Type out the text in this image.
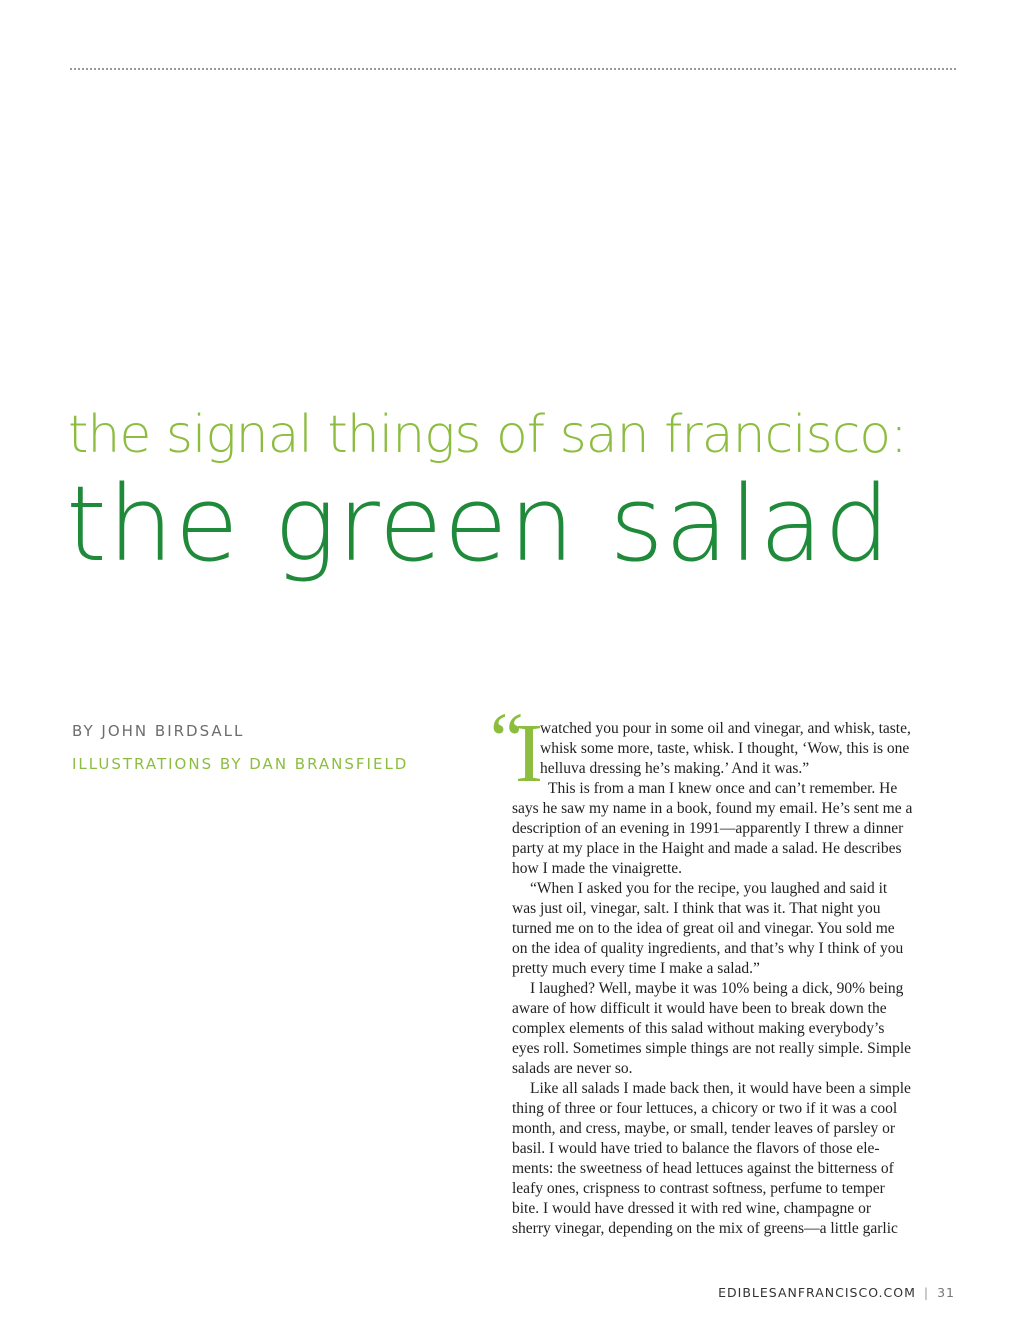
the signal things of san francisco:
the green salad
BY JOHN BIRDSALL
ILLUSTRATIONS BY DAN BRANSFIELD “
I
watched you pour in some oil and vinegar, and whisk, taste,
whisk some more, taste, whisk. I thought, ‘Wow, this is one
helluva dressing he’s making.’ And it was.”

This is from a man I knew once and can’t remember. He

says he saw my name in a book, found my email. He’s sent me a

description of an evening in 1991—apparently I threw a dinner

party at my place in the Haight and made a salad. He describes

how I made the vinaigrette.

“When I asked you for the recipe, you laughed and said it

was just oil, vinegar, salt. I think that was it. That night you

turned me on to the idea of great oil and vinegar. You sold me

on the idea of quality ingredients, and that’s why I think of you

pretty much every time I make a salad.”

I laughed? Well, maybe it was 10% being a dick, 90% being

aware of how difficult it would have been to break down the

complex elements of this salad without making everybody’s

eyes roll. Sometimes simple things are not really simple. Simple

salads are never so.

Like all salads I made back then, it would have been a simple

thing of three or four lettuces, a chicory or two if it was a cool

month, and cress, maybe, or small, tender leaves of parsley or

basil. I would have tried to balance the flavors of those ele-

ments: the sweetness of head lettuces against the bitterness of

leafy ones, crispness to contrast softness, perfume to temper

bite. I would have dressed it with red wine, champagne or

sherry vinegar, depending on the mix of greens—a little garlic

EDIBLESANFRANCISCO.COM | 31
